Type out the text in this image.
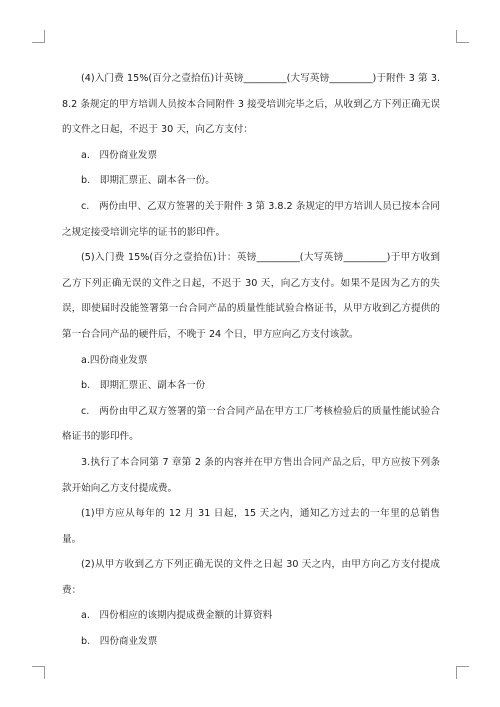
(4)入门费 15%(百分之壹拾伍)计英镑_________(大写英镑_________)于附件 3 第 3.8.2 条规定的甲方培训人员按本合同附件 3 接受培训完毕之后，从收到乙方下列正确无误的文件之日起，不迟于 30 天，向乙方支付：

a.　四份商业发票

b.　即期汇票正、副本各一份。

c.　两份由甲、乙双方签署的关于附件 3 第 3.8.2 条规定的甲方培训人员已按本合同之规定接受培训完毕的证书的影印件。

(5)入门费 15%(百分之壹拾伍)计：英镑_________(大写英镑_________)于甲方收到乙方下列正确无误的文件之日起，不迟于 30 天，向乙方支付。如果不是因为乙方的失误，即使届时没能签署第一台合同产品的质量性能试验合格证书，从甲方收到乙方提供的第一台合同产品的硬件后，不晚于 24 个日，甲方应向乙方支付该款。

a.四份商业发票

b.　即期汇票正、副本各一份

c.　两份由甲乙双方签署的第一台合同产品在甲方工厂考核检验后的质量性能试验合格证书的影印件。

3.执行了本合同第 7 章第 2 条的内容并在甲方售出合同产品之后，甲方应按下列条款开始向乙方支付提成费。

(1)甲方应从每年的 12 月 31 日起，15 天之内，通知乙方过去的一年里的总销售量。

(2)从甲方收到乙方下列正确无误的文件之日起 30 天之内，由甲方向乙方支付提成费：

a.　四份相应的该期内提成费金额的计算资料

b.　四份商业发票
